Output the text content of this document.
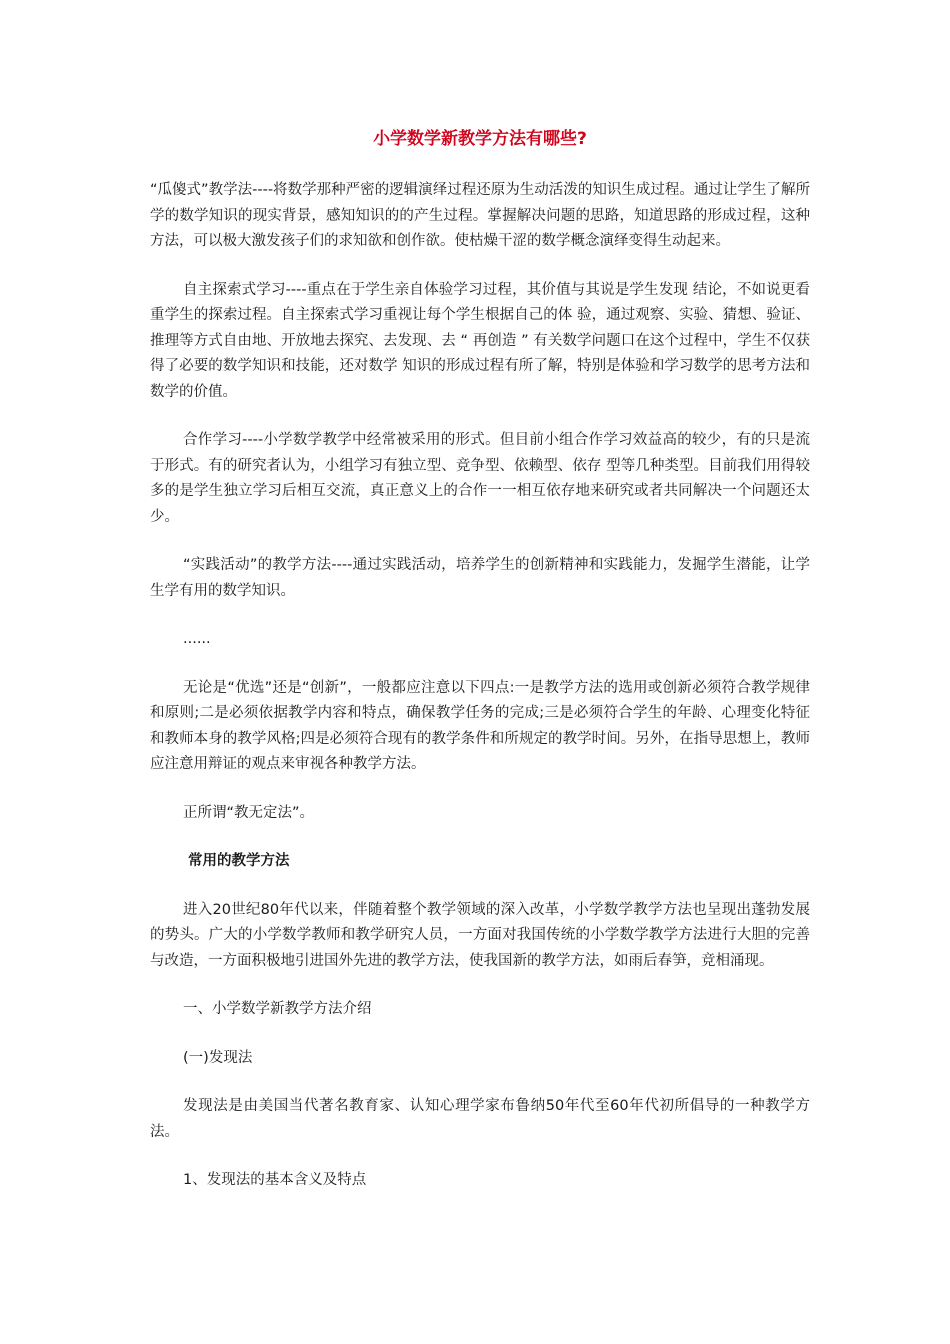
小学数学新教学方法有哪些?

“瓜傻式”教学法----将数学那种严密的逻辑演绎过程还原为生动活泼的知识生成过程。通过让学生了解所学的数学知识的现实背景，感知知识的的产生过程。掌握解决问题的思路，知道思路的形成过程，这种方法，可以极大激发孩子们的求知欲和创作欲。使枯燥干涩的数学概念演绎变得生动起来。

自主探索式学习----重点在于学生亲自体验学习过程，其价值与其说是学生发现 结论，不如说更看重学生的探索过程。自主探索式学习重视让每个学生根据自己的体 验，通过观察、实验、猜想、验证、推理等方式自由地、开放地去探究、去发现、去 “ 再创造 ” 有关数学问题口在这个过程中，学生不仅获得了必要的数学知识和技能，还对数学 知识的形成过程有所了解，特别是体验和学习数学的思考方法和数学的价值。

合作学习----小学数学教学中经常被采用的形式。但目前小组合作学习效益高的较少，有的只是流于形式。有的研究者认为，小组学习有独立型、竞争型、依赖型、依存 型等几种类型。目前我们用得较多的是学生独立学习后相互交流，真正意义上的合作一一相互依存地来研究或者共同解决一个问题还太少。

“实践活动”的教学方法----通过实践活动，培养学生的创新精神和实践能力，发掘学生潜能，让学生学有用的数学知识。

......

无论是“优选”还是“创新”，一般都应注意以下四点:一是教学方法的选用或创新必须符合教学规律和原则;二是必须依据教学内容和特点，确保教学任务的完成;三是必须符合学生的年龄、心理变化特征和教师本身的教学风格;四是必须符合现有的教学条件和所规定的教学时间。另外，在指导思想上，教师应注意用辩证的观点来审视各种教学方法。

正所谓“教无定法”。

常用的教学方法

进入20世纪80年代以来，伴随着整个教学领域的深入改革，小学数学教学方法也呈现出蓬勃发展的势头。广大的小学数学教师和教学研究人员，一方面对我国传统的小学数学教学方法进行大胆的完善与改造，一方面积极地引进国外先进的教学方法，使我国新的教学方法，如雨后春笋，竞相涌现。

一、小学数学新教学方法介绍

(一)发现法

发现法是由美国当代著名教育家、认知心理学家布鲁纳50年代至60年代初所倡导的一种教学方法。

1、发现法的基本含义及特点
